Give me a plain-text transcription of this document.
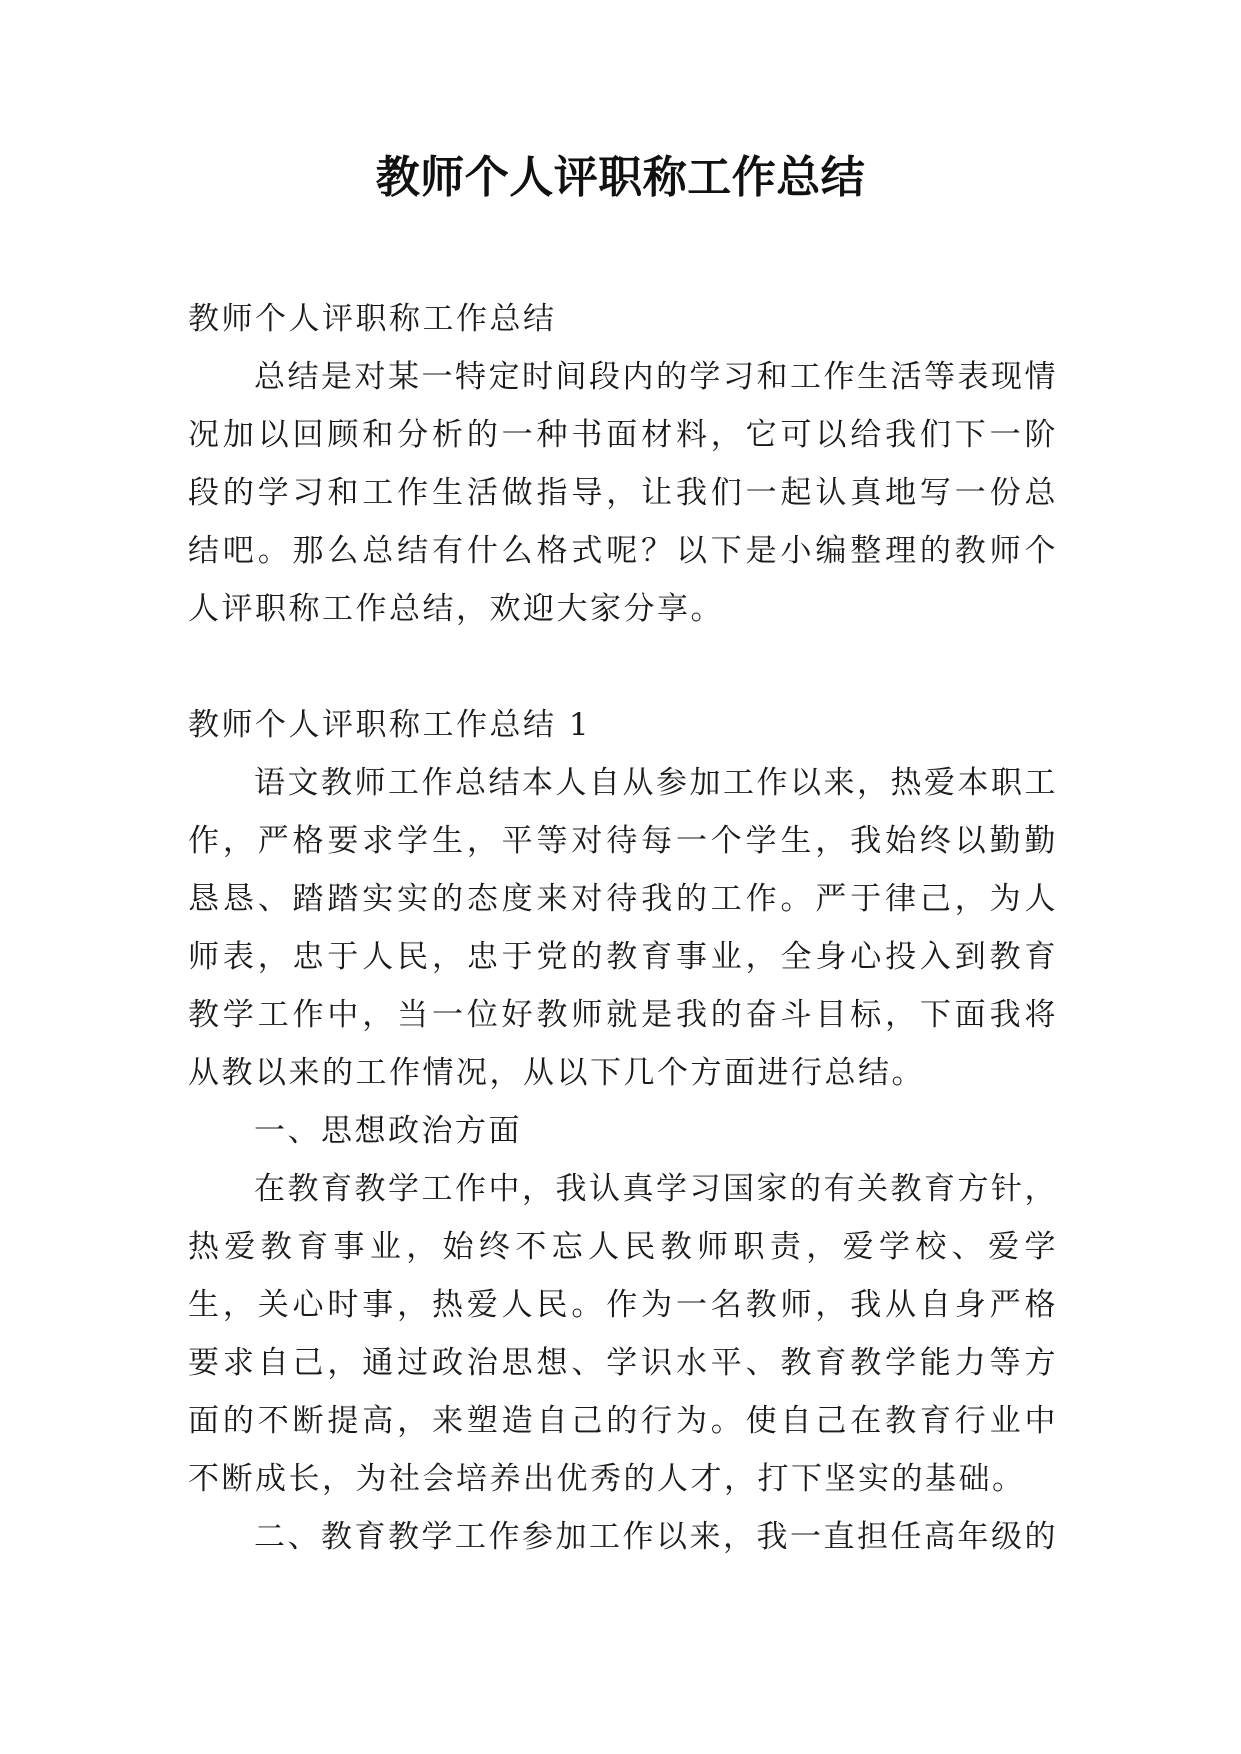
教师个人评职称工作总结

教师个人评职称工作总结

总结是对某一特定时间段内的学习和工作生活等表现情况加以回顾和分析的一种书面材料，它可以给我们下一阶段的学习和工作生活做指导，让我们一起认真地写一份总结吧。那么总结有什么格式呢？以下是小编整理的教师个人评职称工作总结，欢迎大家分享。

教师个人评职称工作总结 1

语文教师工作总结本人自从参加工作以来，热爱本职工作，严格要求学生，平等对待每一个学生，我始终以勤勤恳恳、踏踏实实的态度来对待我的工作。严于律己，为人师表，忠于人民，忠于党的教育事业，全身心投入到教育教学工作中，当一位好教师就是我的奋斗目标，下面我将从教以来的工作情况，从以下几个方面进行总结。

一、思想政治方面

在教育教学工作中，我认真学习国家的有关教育方针，热爱教育事业，始终不忘人民教师职责，爱学校、爱学生，关心时事，热爱人民。作为一名教师，我从自身严格要求自己，通过政治思想、学识水平、教育教学能力等方面的不断提高，来塑造自己的行为。使自己在教育行业中不断成长，为社会培养出优秀的人才，打下坚实的基础。

二、教育教学工作参加工作以来，我一直担任高年级的
